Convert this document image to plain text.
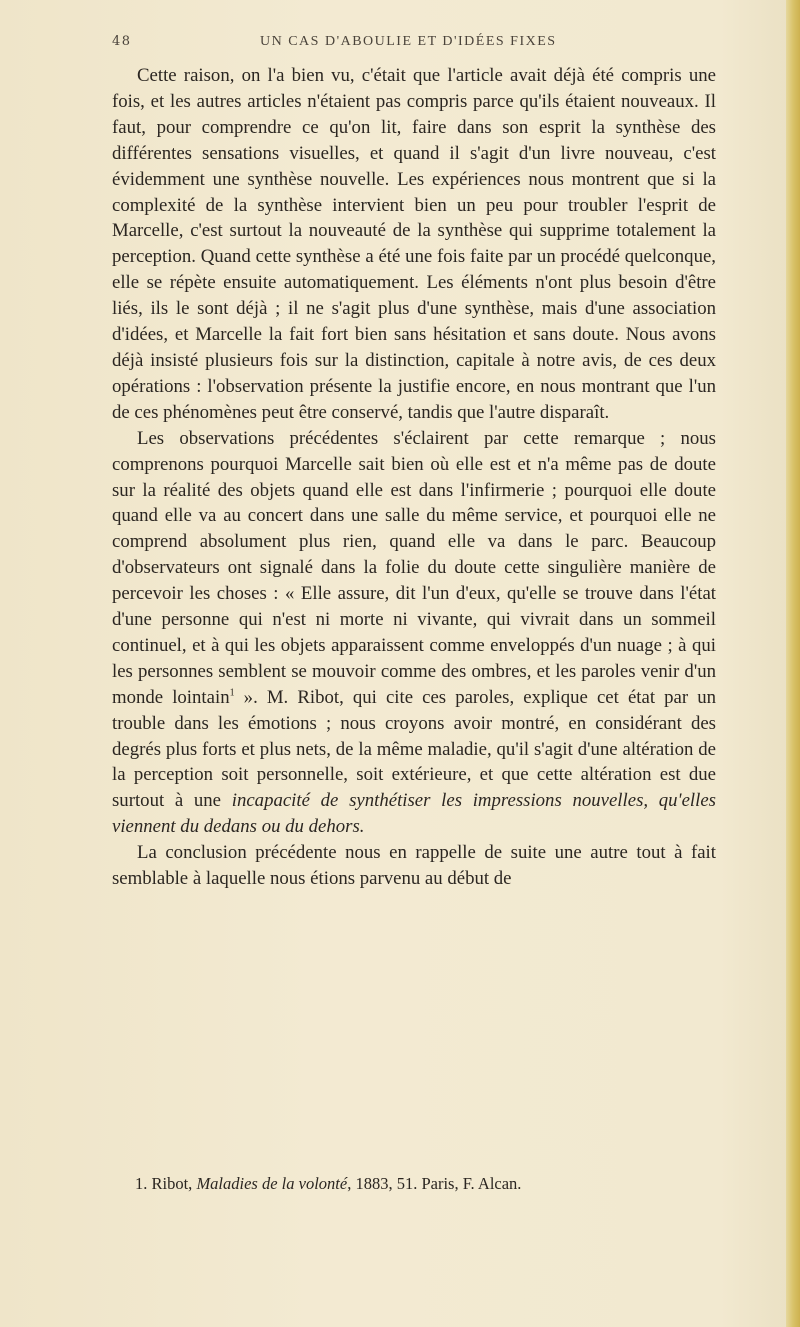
48	UN CAS D'ABOULIE ET D'IDÉES FIXES

Cette raison, on l'a bien vu, c'était que l'article avait déjà été compris une fois, et les autres articles n'étaient pas compris parce qu'ils étaient nouveaux. Il faut, pour comprendre ce qu'on lit, faire dans son esprit la synthèse des différentes sensations visuelles, et quand il s'agit d'un livre nouveau, c'est évidemment une synthèse nouvelle. Les expériences nous montrent que si la complexité de la synthèse intervient bien un peu pour troubler l'esprit de Marcelle, c'est surtout la nouveauté de la synthèse qui supprime totalement la perception. Quand cette synthèse a été une fois faite par un procédé quelconque, elle se répète ensuite automatiquement. Les éléments n'ont plus besoin d'être liés, ils le sont déjà ; il ne s'agit plus d'une synthèse, mais d'une association d'idées, et Marcelle la fait fort bien sans hésitation et sans doute. Nous avons déjà insisté plusieurs fois sur la distinction, capitale à notre avis, de ces deux opérations : l'observation présente la justifie encore, en nous montrant que l'un de ces phénomènes peut être conservé, tandis que l'autre disparaît.

Les observations précédentes s'éclairent par cette remarque ; nous comprenons pourquoi Marcelle sait bien où elle est et n'a même pas de doute sur la réalité des objets quand elle est dans l'infirmerie ; pourquoi elle doute quand elle va au concert dans une salle du même service, et pourquoi elle ne comprend absolument plus rien, quand elle va dans le parc. Beaucoup d'observateurs ont signalé dans la folie du doute cette singulière manière de percevoir les choses : « Elle assure, dit l'un d'eux, qu'elle se trouve dans l'état d'une personne qui n'est ni morte ni vivante, qui vivrait dans un sommeil continuel, et à qui les objets apparaissent comme enveloppés d'un nuage ; à qui les personnes semblent se mouvoir comme des ombres, et les paroles venir d'un monde lointain$^1$ ». M. Ribot, qui cite ces paroles, explique cet état par un trouble dans les émotions ; nous croyons avoir montré, en considérant des degrés plus forts et plus nets, de la même maladie, qu'il s'agit d'une altération de la perception soit personnelle, soit extérieure, et que cette altération est due surtout à une incapacité de synthétiser les impressions nouvelles, qu'elles viennent du dedans ou du dehors.

La conclusion précédente nous en rappelle de suite une autre tout à fait semblable à laquelle nous étions parvenu au début de

1. Ribot, Maladies de la volonté, 1883, 51. Paris, F. Alcan.
